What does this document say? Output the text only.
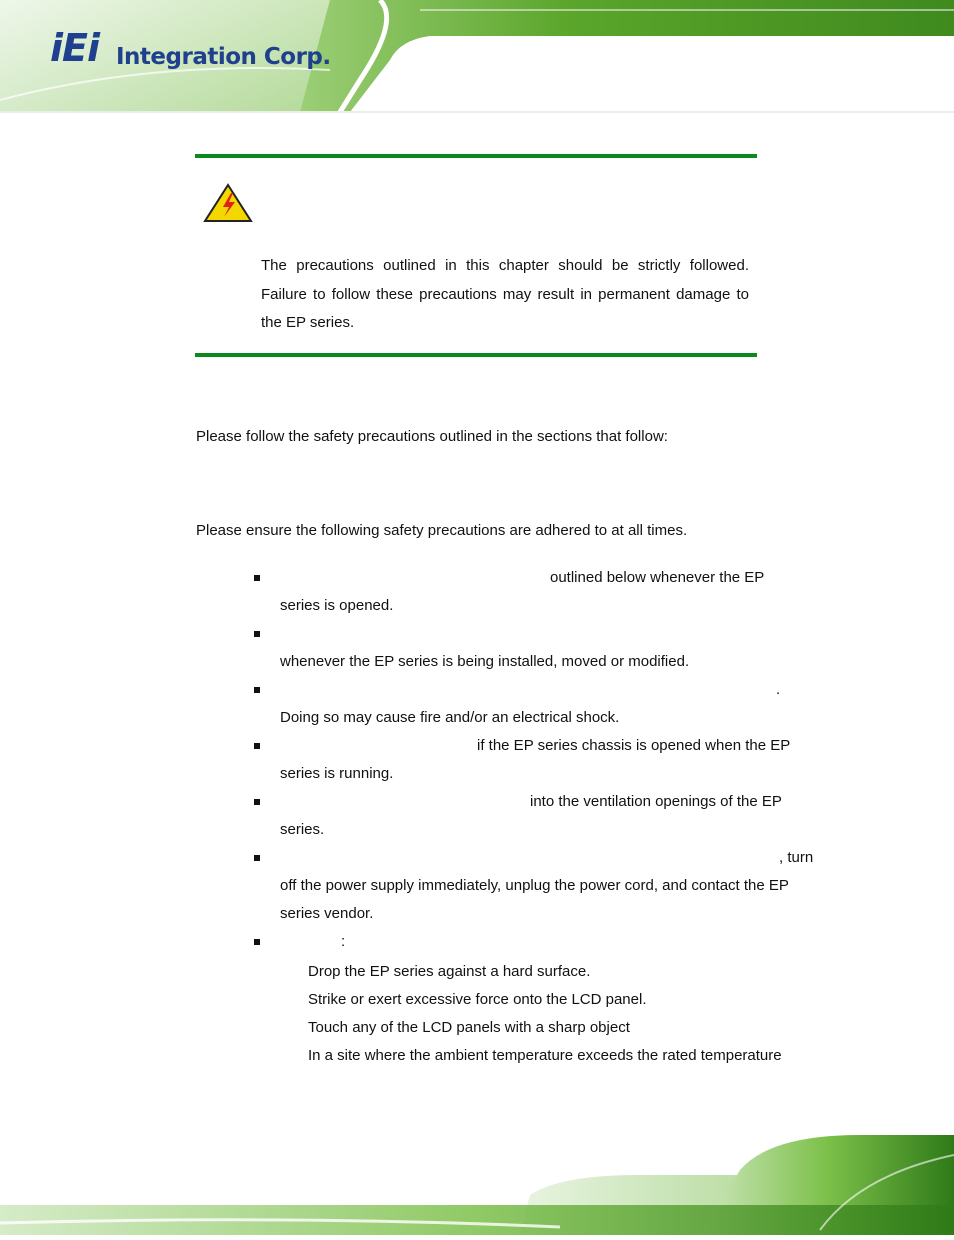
iEi Integration Corp.
The precautions outlined in this chapter should be strictly followed. Failure to follow these precautions may result in permanent damage to the EP series.
Please follow the safety precautions outlined in the sections that follow:
Please ensure the following safety precautions are adhered to at all times.
outlined below whenever the EP
series is opened.
whenever the EP series is being installed, moved or modified.
.
Doing so may cause fire and/or an electrical shock.
if the EP series chassis is opened when the EP
series is running.
into the ventilation openings of the EP
series.
, turn
off the power supply immediately, unplug the power cord, and contact the EP
series vendor.
:
Drop the EP series against a hard surface.
Strike or exert excessive force onto the LCD panel.
Touch any of the LCD panels with a sharp object
In a site where the ambient temperature exceeds the rated temperature
